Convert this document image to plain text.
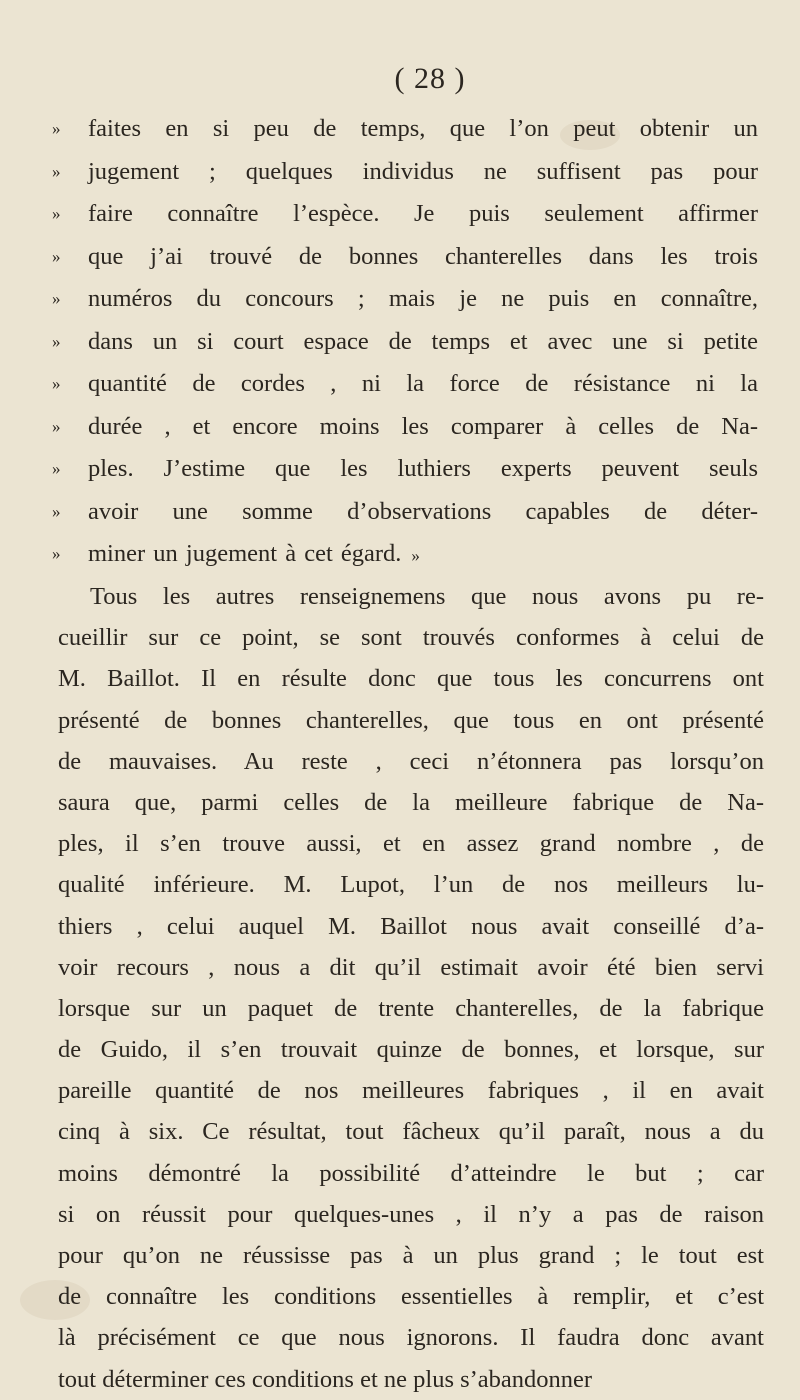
( 28 )
»	faites en si peu de temps, que l’on peut obtenir un
»	jugement ; quelques individus ne suffisent pas pour
»	faire connaître l’espèce. Je puis seulement affirmer
»	que j’ai trouvé de bonnes chanterelles dans les trois
»	numéros du concours ; mais je ne puis en connaître,
»	dans un si court espace de temps et avec une si petite
»	quantité de cordes , ni la force de résistance ni la
»	durée , et encore moins les comparer à celles de Na-
»	ples. J’estime que les luthiers experts peuvent seuls
»	avoir une somme d’observations capables de déter-
»	miner un jugement à cet égard. »
Tous les autres renseignemens que nous avons pu re-
cueillir sur ce point, se sont trouvés conformes à celui de
M. Baillot. Il en résulte donc que tous les concurrens ont
présenté de bonnes chanterelles, que tous en ont présenté
de mauvaises. Au reste , ceci n’étonnera pas lorsqu’on
saura que, parmi celles de la meilleure fabrique de Na-
ples, il s’en trouve aussi, et en assez grand nombre , de
qualité inférieure. M. Lupot, l’un de nos meilleurs lu-
thiers , celui auquel M. Baillot nous avait conseillé d’a-
voir recours , nous a dit qu’il estimait avoir été bien servi
lorsque sur un paquet de trente chanterelles, de la fabrique
de Guido, il s’en trouvait quinze de bonnes, et lorsque, sur
pareille quantité de nos meilleures fabriques , il en avait
cinq à six. Ce résultat, tout fâcheux qu’il paraît, nous a du
moins démontré la possibilité d’atteindre le but ; car
si on réussit pour quelques-unes , il n’y a pas de raison
pour qu’on ne réussisse pas à un plus grand ; le tout est
de connaître les conditions essentielles à remplir, et c’est
là précisément ce que nous ignorons. Il faudra donc avant
tout déterminer ces conditions et ne plus s’abandonner
